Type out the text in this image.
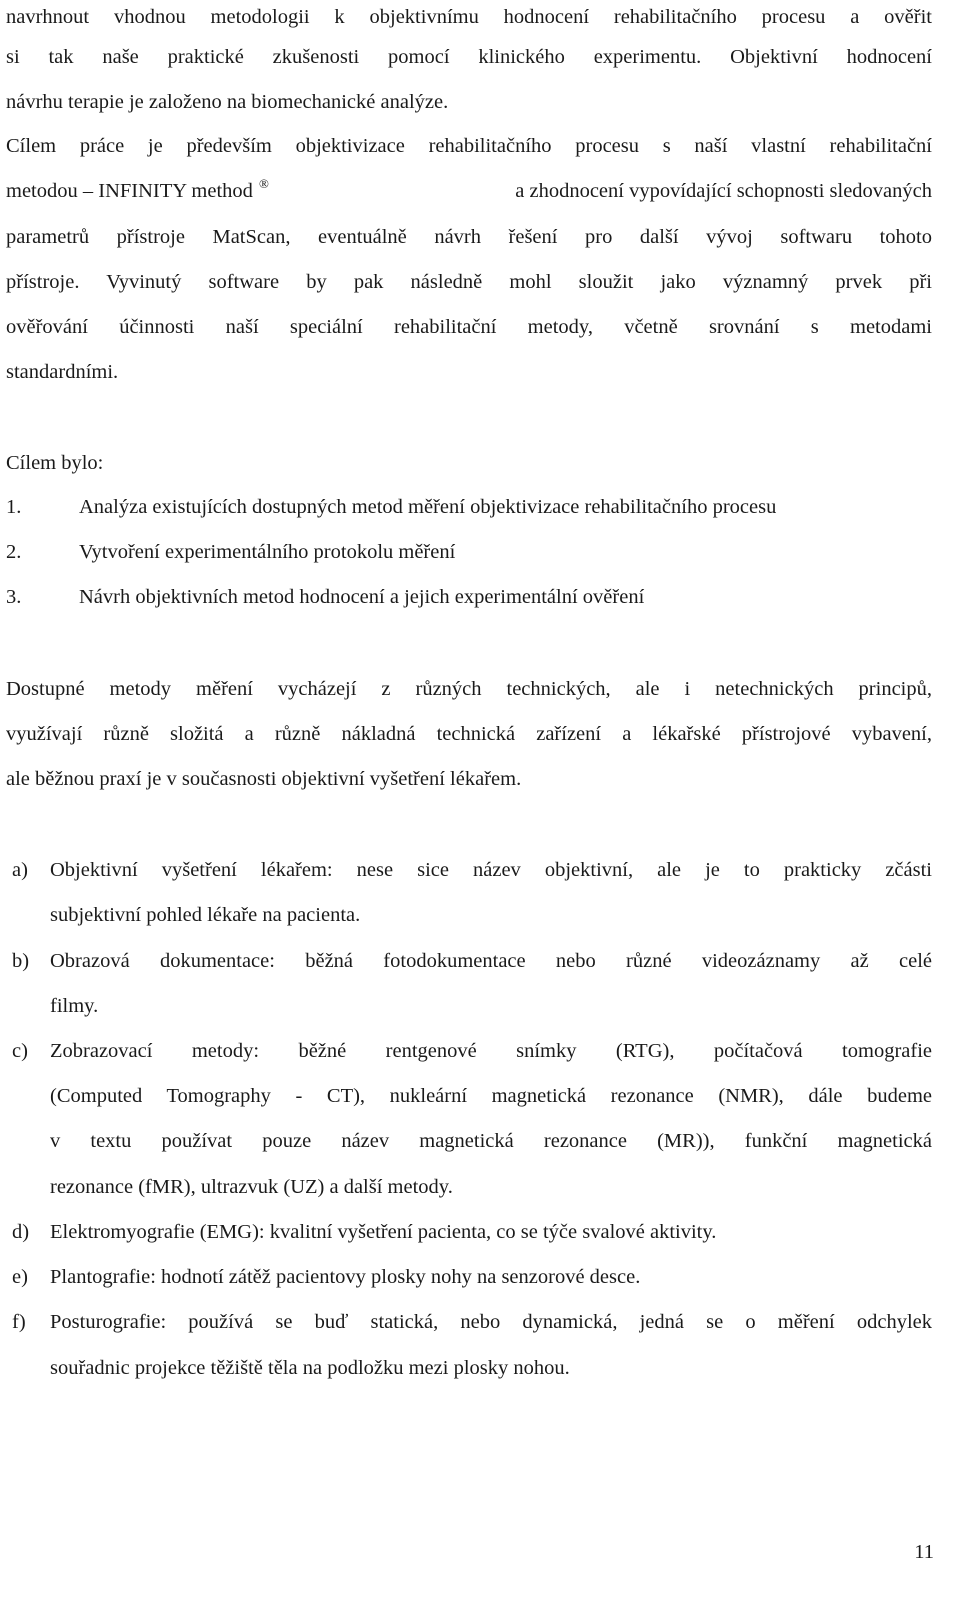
navrhnout vhodnou metodologii k objektivnímu hodnocení rehabilitačního procesu a ověřit
si tak naše praktické zkušenosti pomocí klinického experimentu. Objektivní hodnocení
návrhu terapie je založeno na biomechanické analýze.
Cílem práce je především objektivizace rehabilitačního procesu s naší vlastní rehabilitační
metodou – INFINITY method ®	a zhodnocení vypovídající schopnosti sledovaných
parametrů přístroje MatScan, eventuálně návrh řešení pro další vývoj softwaru tohoto
přístroje. Vyvinutý software by pak následně mohl sloužit jako významný prvek při
ověřování účinnosti naší speciální rehabilitační metody, včetně srovnání s metodami
standardními.
Cílem bylo:
1.	Analýza existujících dostupných metod měření objektivizace rehabilitačního procesu
2.	Vytvoření experimentálního protokolu měření
3.	Návrh objektivních metod hodnocení a jejich experimentální ověření
Dostupné metody měření vycházejí z různých technických, ale i netechnických principů,
využívají různě složitá a různě nákladná technická zařízení a lékařské přístrojové vybavení,
ale běžnou praxí je v současnosti objektivní vyšetření lékařem.
a) Objektivní vyšetření lékařem: nese sice název objektivní, ale je to prakticky zčásti
subjektivní pohled lékaře na pacienta.
b) Obrazová dokumentace: běžná fotodokumentace nebo různé videozáznamy až celé
filmy.
c) Zobrazovací metody: běžné rentgenové snímky (RTG), počítačová tomografie
(Computed Tomography - CT), nukleární magnetická rezonance (NMR), dále budeme
v textu používat pouze název magnetická rezonance (MR)), funkční magnetická
rezonance (fMR), ultrazvuk (UZ) a další metody.
d) Elektromyografie (EMG): kvalitní vyšetření pacienta, co se týče svalové aktivity.
e) Plantografie: hodnotí zátěž pacientovy plosky nohy na senzorové desce.
f) Posturografie: používá se buď statická, nebo dynamická, jedná se o měření odchylek
souřadnic projekce těžiště těla na podložku mezi plosky nohou.
11
